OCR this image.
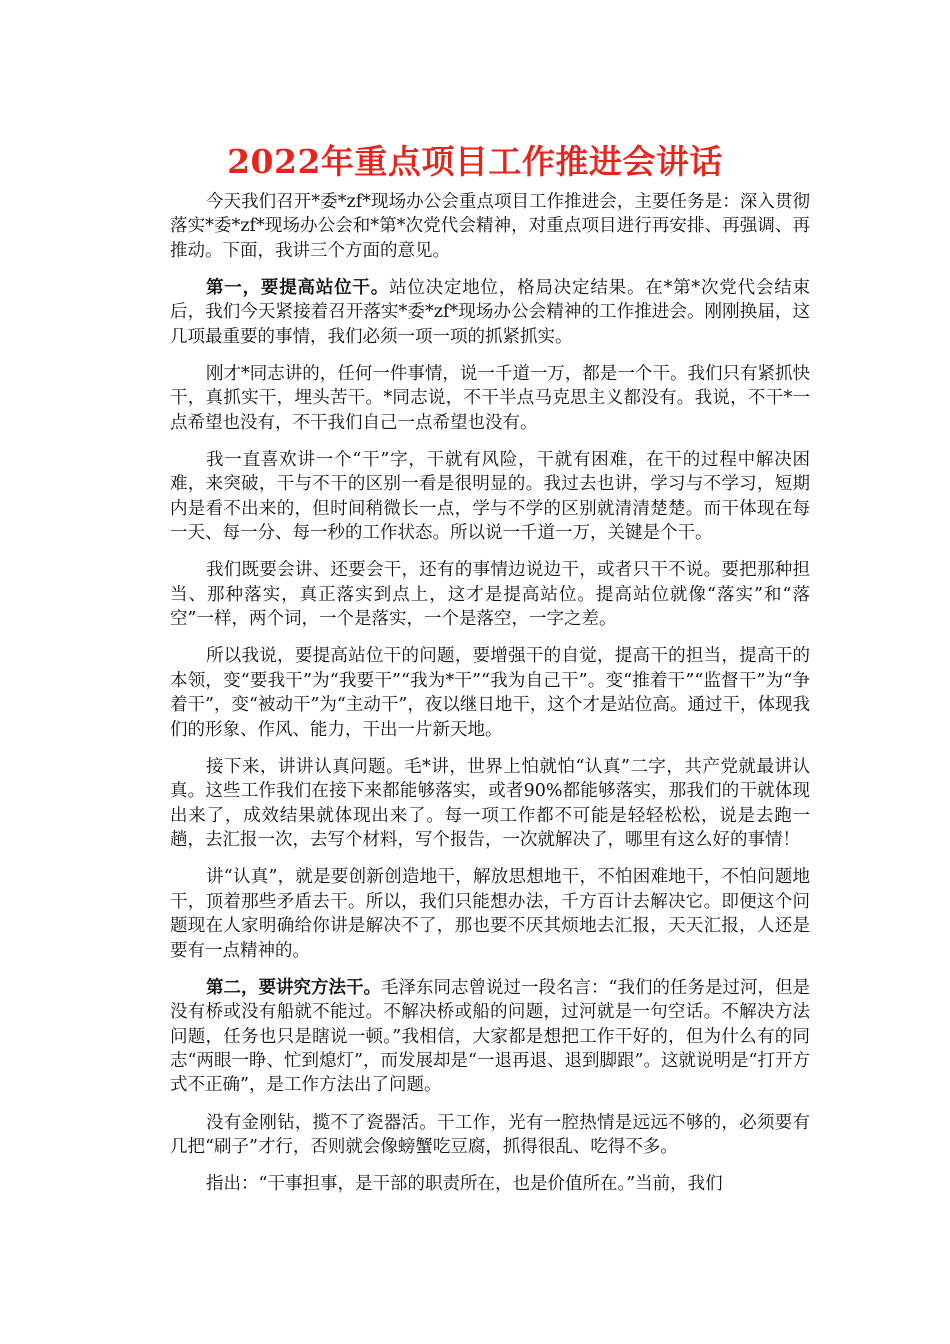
2022年重点项目工作推进会讲话

今天我们召开*委*zf*现场办公会重点项目工作推进会，主要任务是：深入贯彻落实*委*zf*现场办公会和*第*次党代会精神，对重点项目进行再安排、再强调、再推动。下面，我讲三个方面的意见。

第一，要提高站位干。站位决定地位，格局决定结果。在*第*次党代会结束后，我们今天紧接着召开落实*委*zf*现场办公会精神的工作推进会。刚刚换届，这几项最重要的事情，我们必须一项一项的抓紧抓实。

刚才*同志讲的，任何一件事情，说一千道一万，都是一个干。我们只有紧抓快干，真抓实干，埋头苦干。*同志说，不干半点马克思主义都没有。我说，不干*一点希望也没有，不干我们自己一点希望也没有。

我一直喜欢讲一个“干”字，干就有风险，干就有困难，在干的过程中解决困难，来突破，干与不干的区别一看是很明显的。我过去也讲，学习与不学习，短期内是看不出来的，但时间稍微长一点，学与不学的区别就清清楚楚。而干体现在每一天、每一分、每一秒的工作状态。所以说一千道一万，关键是个干。

我们既要会讲、还要会干，还有的事情边说边干，或者只干不说。要把那种担当、那种落实，真正落实到点上，这才是提高站位。提高站位就像“落实”和“落空”一样，两个词，一个是落实，一个是落空，一字之差。

所以我说，要提高站位干的问题，要增强干的自觉，提高干的担当，提高干的本领，变“要我干”为“我要干”“我为*干”“我为自己干”。变“推着干”“监督干”为“争着干”，变“被动干”为“主动干”，夜以继日地干，这个才是站位高。通过干，体现我们的形象、作风、能力，干出一片新天地。

接下来，讲讲认真问题。毛*讲，世界上怕就怕“认真”二字，共产党就最讲认真。这些工作我们在接下来都能够落实，或者90%都能够落实，那我们的干就体现出来了，成效结果就体现出来了。每一项工作都不可能是轻轻松松，说是去跑一趟，去汇报一次，去写个材料，写个报告，一次就解决了，哪里有这么好的事情！

讲“认真”，就是要创新创造地干，解放思想地干，不怕困难地干，不怕问题地干，顶着那些矛盾去干。所以，我们只能想办法，千方百计去解决它。即便这个问题现在人家明确给你讲是解决不了，那也要不厌其烦地去汇报，天天汇报，人还是要有一点精神的。

第二，要讲究方法干。毛泽东同志曾说过一段名言：“我们的任务是过河，但是没有桥或没有船就不能过。不解决桥或船的问题，过河就是一句空话。不解决方法问题，任务也只是瞎说一顿。”我相信，大家都是想把工作干好的，但为什么有的同志“两眼一睁、忙到熄灯”，而发展却是“一退再退、退到脚跟”。这就说明是“打开方式不正确”，是工作方法出了问题。

没有金刚钻，揽不了瓷器活。干工作，光有一腔热情是远远不够的，必须要有几把“刷子”才行，否则就会像螃蟹吃豆腐，抓得很乱、吃得不多。

指出：“干事担事，是干部的职责所在，也是价值所在。”当前，我们
